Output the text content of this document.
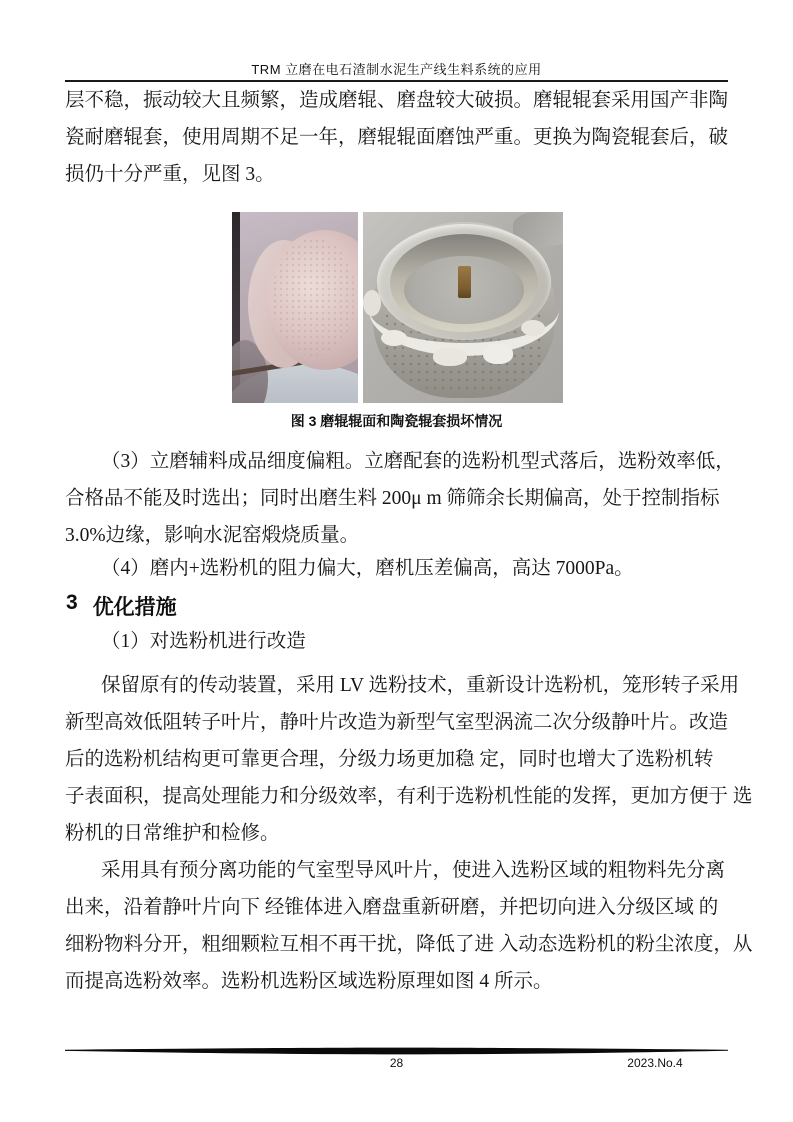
TRM 立磨在电石渣制水泥生产线生料系统的应用
层不稳，振动较大且频繁，造成磨辊、磨盘较大破损。磨辊辊套采用国产非陶
瓷耐磨辊套，使用周期不足一年，磨辊辊面磨蚀严重。更换为陶瓷辊套后，破
损仍十分严重，见图 3。
图 3 磨辊辊面和陶瓷辊套损坏情况
（3）立磨辅料成品细度偏粗。立磨配套的选粉机型式落后，选粉效率低，
合格品不能及时选出；同时出磨生料 200μ m 筛筛余长期偏高，处于控制指标
3.0%边缘，影响水泥窑煅烧质量。
（4）磨内+选粉机的阻力偏大，磨机压差偏高，高达 7000Pa。
3 优化措施
（1）对选粉机进行改造
保留原有的传动装置，采用 LV 选粉技术，重新设计选粉机，笼形转子采用
新型高效低阻转子叶片，静叶片改造为新型气室型涡流二次分级静叶片。改造
后的选粉机结构更可靠更合理，分级力场更加稳 定，同时也增大了选粉机转
子表面积，提高处理能力和分级效率，有利于选粉机性能的发挥，更加方便于 选
粉机的日常维护和检修。
采用具有预分离功能的气室型导风叶片，使进入选粉区域的粗物料先分离
出来，沿着静叶片向下 经锥体进入磨盘重新研磨，并把切向进入分级区域 的
细粉物料分开，粗细颗粒互相不再干扰，降低了进 入动态选粉机的粉尘浓度，从
而提高选粉效率。选粉机选粉区域选粉原理如图 4 所示。
28	2023.No.4
